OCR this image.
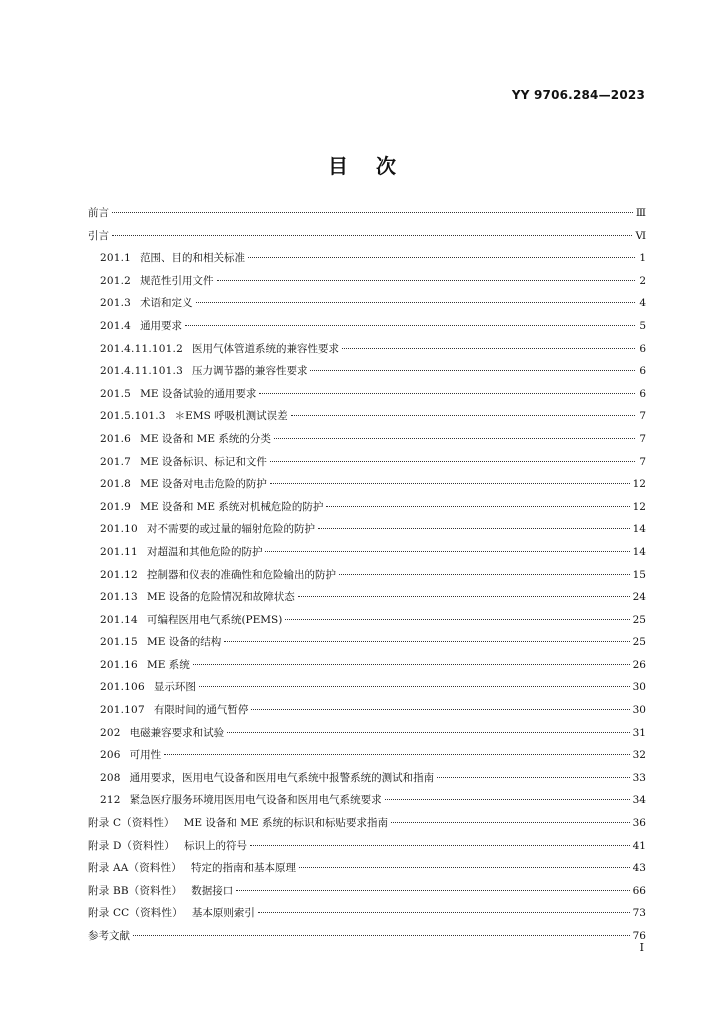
YY 9706.284—2023
目次
前言	Ⅲ
引言	Ⅵ
201.1 范围、目的和相关标准	1
201.2 规范性引用文件	2
201.3 术语和定义	4
201.4 通用要求	5
201.4.11.101.2 医用气体管道系统的兼容性要求	6
201.4.11.101.3 压力调节器的兼容性要求	6
201.5 ME 设备试验的通用要求	6
201.5.101.3 ＊EMS 呼吸机测试误差	7
201.6 ME 设备和 ME 系统的分类	7
201.7 ME 设备标识、标记和文件	7
201.8 ME 设备对电击危险的防护	12
201.9 ME 设备和 ME 系统对机械危险的防护	12
201.10 对不需要的或过量的辐射危险的防护	14
201.11 对超温和其他危险的防护	14
201.12 控制器和仪表的准确性和危险输出的防护	15
201.13 ME 设备的危险情况和故障状态	24
201.14 可编程医用电气系统(PEMS)	25
201.15 ME 设备的结构	25
201.16 ME 系统	26
201.106 显示环图	30
201.107 有限时间的通气暂停	30
202 电磁兼容要求和试验	31
206 可用性	32
208 通用要求，医用电气设备和医用电气系统中报警系统的测试和指南	33
212 紧急医疗服务环境用医用电气设备和医用电气系统要求	34
附录 C（资料性） ME 设备和 ME 系统的标识和标贴要求指南	36
附录 D（资料性） 标识上的符号	41
附录 AA（资料性） 特定的指南和基本原理	43
附录 BB（资料性） 数据接口	66
附录 CC（资料性） 基本原则索引	73
参考文献	76
I
